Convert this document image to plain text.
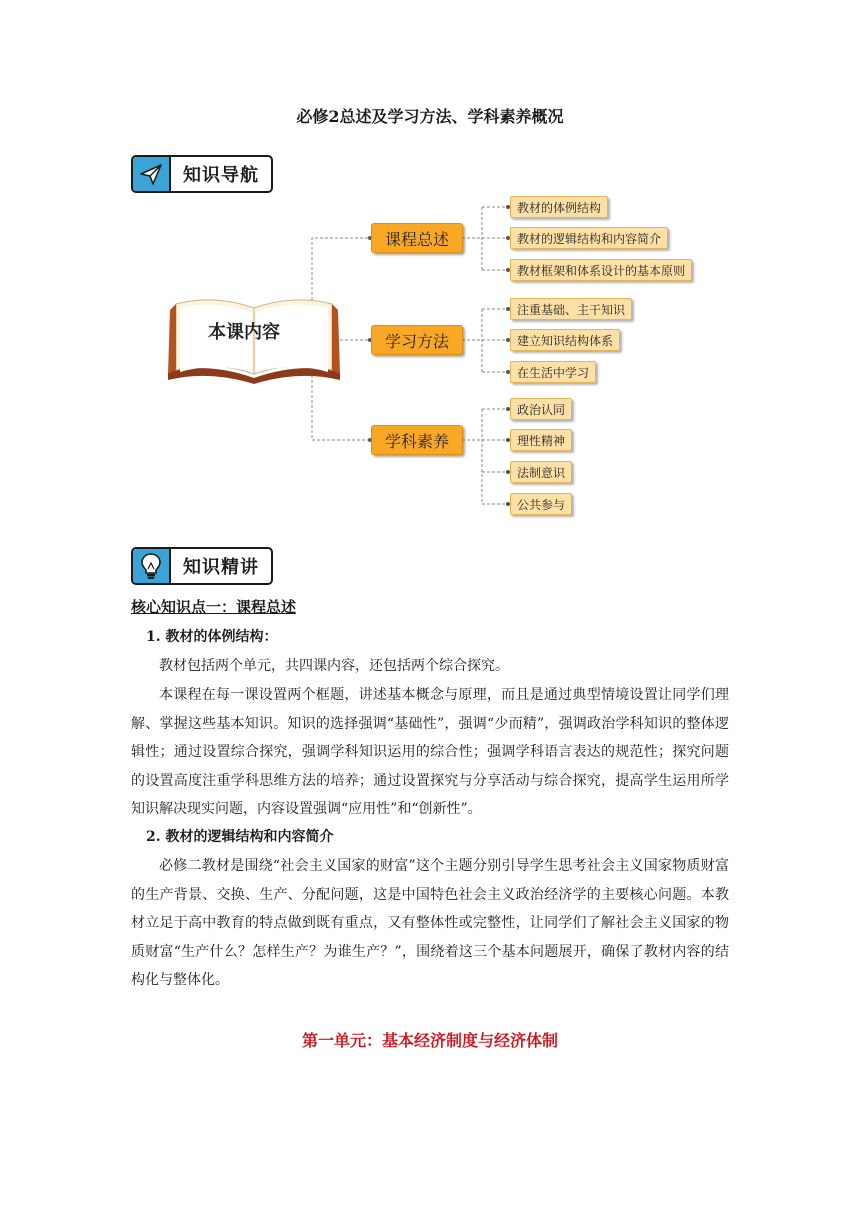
必修2总述及学习方法、学科素养概况
知识导航
本课内容
课程总述
学习方法
学科素养
教材的体例结构
教材的逻辑结构和内容简介
教材框架和体系设计的基本原则
注重基础、主干知识
建立知识结构体系
在生活中学习
政治认同
理性精神
法制意识
公共参与
知识精讲
核心知识点一：课程总述
1. 教材的体例结构：
教材包括两个单元，共四课内容，还包括两个综合探究。
本课程在每一课设置两个框题，讲述基本概念与原理，而且是通过典型情境设置让同学们理解、掌握这些基本知识。知识的选择强调“基础性”，强调“少而精”，强调政治学科知识的整体逻辑性；通过设置综合探究，强调学科知识运用的综合性；强调学科语言表达的规范性；探究问题的设置高度注重学科思维方法的培养；通过设置探究与分享活动与综合探究，提高学生运用所学知识解决现实问题，内容设置强调“应用性”和“创新性”。
2. 教材的逻辑结构和内容简介
必修二教材是围绕“社会主义国家的财富”这个主题分别引导学生思考社会主义国家物质财富的生产背景、交换、生产、分配问题，这是中国特色社会主义政治经济学的主要核心问题。本教材立足于高中教育的特点做到既有重点，又有整体性或完整性，让同学们了解社会主义国家的物质财富“生产什么？怎样生产？为谁生产？”，围绕着这三个基本问题展开，确保了教材内容的结构化与整体化。
第一单元：基本经济制度与经济体制
